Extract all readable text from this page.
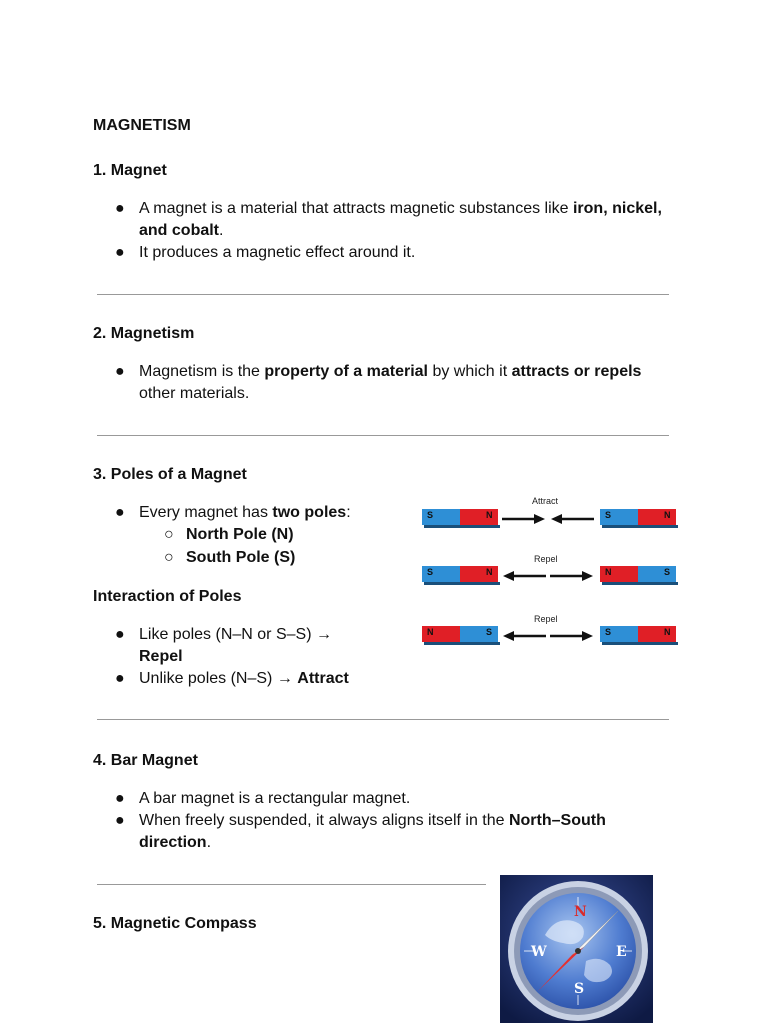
MAGNETISM
1. Magnet
● A magnet is a material that attracts magnetic substances like iron, nickel, and cobalt.
● It produces a magnetic effect around it.
2. Magnetism
● Magnetism is the property of a material by which it attracts or repels other materials.
3. Poles of a Magnet
● Every magnet has two poles:
○ North Pole (N)
○ South Pole (S)
Interaction of Poles
● Like poles (N–N or S–S) → Repel
● Unlike poles (N–S) → Attract
Attract
S	N	S	N
Repel
S	N	N	S
Repel
N	S	S	N
4. Bar Magnet
● A bar magnet is a rectangular magnet.
● When freely suspended, it always aligns itself in the North–South direction.
5. Magnetic Compass
N
S
E
W
